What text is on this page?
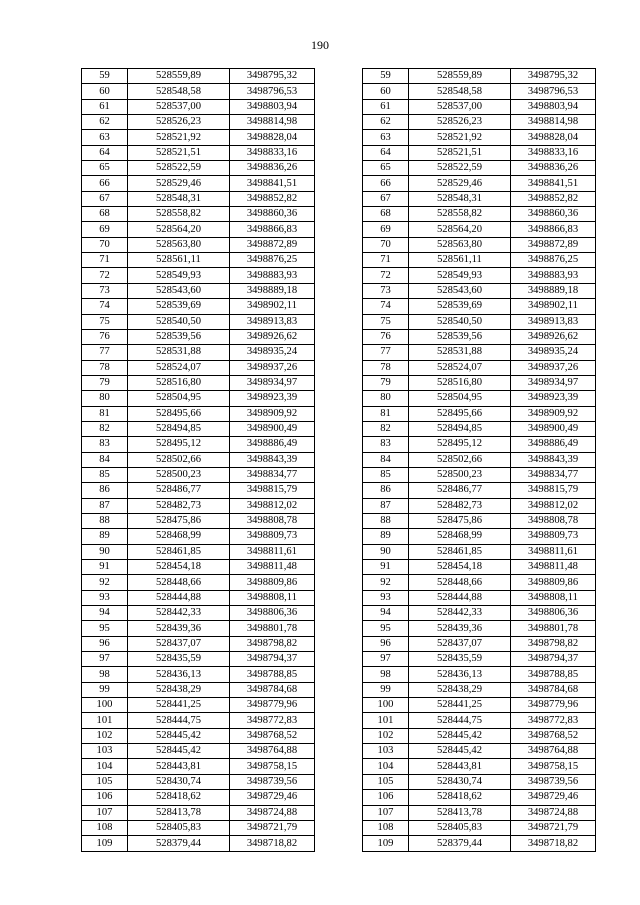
190
59	528559,89	3498795,32		59	528559,89	3498795,32
60	528548,58	3498796,53		60	528548,58	3498796,53
61	528537,00	3498803,94		61	528537,00	3498803,94
62	528526,23	3498814,98		62	528526,23	3498814,98
63	528521,92	3498828,04		63	528521,92	3498828,04
64	528521,51	3498833,16		64	528521,51	3498833,16
65	528522,59	3498836,26		65	528522,59	3498836,26
66	528529,46	3498841,51		66	528529,46	3498841,51
67	528548,31	3498852,82		67	528548,31	3498852,82
68	528558,82	3498860,36		68	528558,82	3498860,36
69	528564,20	3498866,83		69	528564,20	3498866,83
70	528563,80	3498872,89		70	528563,80	3498872,89
71	528561,11	3498876,25		71	528561,11	3498876,25
72	528549,93	3498883,93		72	528549,93	3498883,93
73	528543,60	3498889,18		73	528543,60	3498889,18
74	528539,69	3498902,11		74	528539,69	3498902,11
75	528540,50	3498913,83		75	528540,50	3498913,83
76	528539,56	3498926,62		76	528539,56	3498926,62
77	528531,88	3498935,24		77	528531,88	3498935,24
78	528524,07	3498937,26		78	528524,07	3498937,26
79	528516,80	3498934,97		79	528516,80	3498934,97
80	528504,95	3498923,39		80	528504,95	3498923,39
81	528495,66	3498909,92		81	528495,66	3498909,92
82	528494,85	3498900,49		82	528494,85	3498900,49
83	528495,12	3498886,49		83	528495,12	3498886,49
84	528502,66	3498843,39		84	528502,66	3498843,39
85	528500,23	3498834,77		85	528500,23	3498834,77
86	528486,77	3498815,79		86	528486,77	3498815,79
87	528482,73	3498812,02		87	528482,73	3498812,02
88	528475,86	3498808,78		88	528475,86	3498808,78
89	528468,99	3498809,73		89	528468,99	3498809,73
90	528461,85	3498811,61		90	528461,85	3498811,61
91	528454,18	3498811,48		91	528454,18	3498811,48
92	528448,66	3498809,86		92	528448,66	3498809,86
93	528444,88	3498808,11		93	528444,88	3498808,11
94	528442,33	3498806,36		94	528442,33	3498806,36
95	528439,36	3498801,78		95	528439,36	3498801,78
96	528437,07	3498798,82		96	528437,07	3498798,82
97	528435,59	3498794,37		97	528435,59	3498794,37
98	528436,13	3498788,85		98	528436,13	3498788,85
99	528438,29	3498784,68		99	528438,29	3498784,68
100	528441,25	3498779,96		100	528441,25	3498779,96
101	528444,75	3498772,83		101	528444,75	3498772,83
102	528445,42	3498768,52		102	528445,42	3498768,52
103	528445,42	3498764,88		103	528445,42	3498764,88
104	528443,81	3498758,15		104	528443,81	3498758,15
105	528430,74	3498739,56		105	528430,74	3498739,56
106	528418,62	3498729,46		106	528418,62	3498729,46
107	528413,78	3498724,88		107	528413,78	3498724,88
108	528405,83	3498721,79		108	528405,83	3498721,79
109	528379,44	3498718,82		109	528379,44	3498718,82
